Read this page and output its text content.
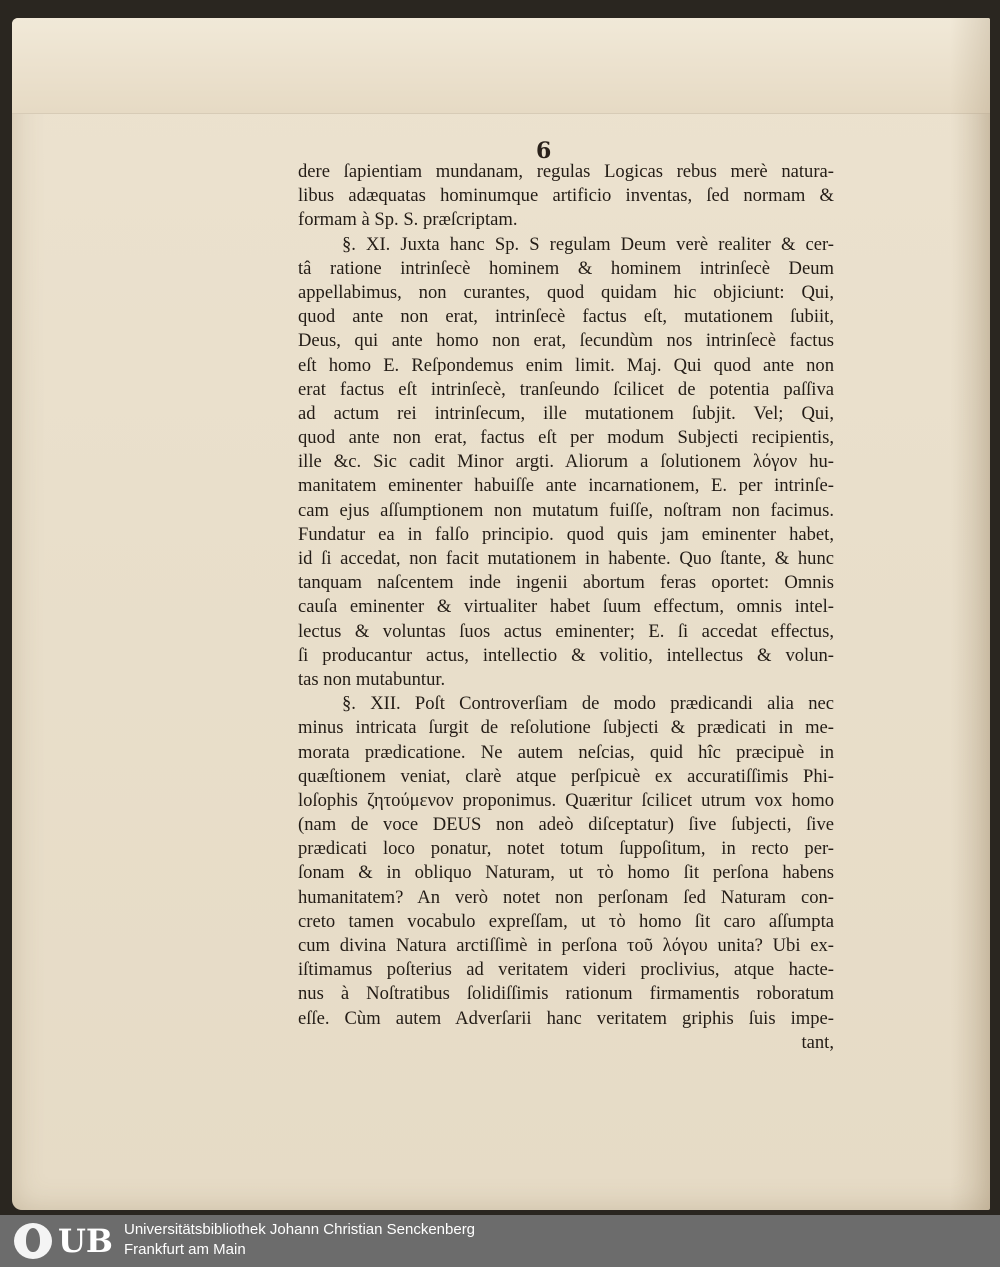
6
dere ſapientiam mundanam, regulas Logicas rebus merè natura-
libus adæquatas hominumque artificio inventas, ſed normam &
formam à Sp. S. præſcriptam.
§. XI. Juxta hanc Sp. S regulam Deum verè realiter & cer-
tâ ratione intrinſecè hominem & hominem intrinſecè Deum
appellabimus, non curantes, quod quidam hic objiciunt: Qui,
quod ante non erat, intrinſecè factus eſt, mutationem ſubiit,
Deus, qui ante homo non erat, ſecundùm nos intrinſecè factus
eſt homo E. Reſpondemus enim limit. Maj. Qui quod ante non
erat factus eſt intrinſecè, tranſeundo ſcilicet de potentia paſſiva
ad actum rei intrinſecum, ille mutationem ſubjit. Vel; Qui,
quod ante non erat, factus eſt per modum Subjecti recipientis,
ille &c. Sic cadit Minor argti. Aliorum a ſolutionem λόγον hu-
manitatem eminenter habuiſſe ante incarnationem, E. per intrinſe-
cam ejus aſſumptionem non mutatum fuiſſe, noſtram non facimus.
Fundatur ea in falſo principio. quod quis jam eminenter habet,
id ſi accedat, non facit mutationem in habente. Quo ſtante, & hunc
tanquam naſcentem inde ingenii abortum feras oportet: Omnis
cauſa eminenter & virtualiter habet ſuum effectum, omnis intel-
lectus & voluntas ſuos actus eminenter; E. ſi accedat effectus,
ſi producantur actus, intellectio & volitio, intellectus & volun-
tas non mutabuntur.
§. XII. Poſt Controverſiam de modo prædicandi alia nec
minus intricata ſurgit de reſolutione ſubjecti & prædicati in me-
morata prædicatione. Ne autem neſcias, quid hîc præcipuè in
quæſtionem veniat, clarè atque perſpicuè ex accuratiſſimis Phi-
loſophis ζητούμενον proponimus. Quæritur ſcilicet utrum vox homo
(nam de voce DEUS non adeò diſceptatur) ſive ſubjecti, ſive
prædicati loco ponatur, notet totum ſuppoſitum, in recto per-
ſonam & in obliquo Naturam, ut τὸ homo ſit perſona habens
humanitatem? An verò notet non perſonam ſed Naturam con-
creto tamen vocabulo expreſſam, ut τὸ homo ſit caro aſſumpta
cum divina Natura arctiſſimè in perſona τοῦ λόγου unita? Ubi ex-
iſtimamus poſterius ad veritatem videri proclivius, atque hacte-
nus à Noſtratibus ſolidiſſimis rationum firmamentis roboratum
eſſe. Cùm autem Adverſarii hanc veritatem griphis ſuis impe-
tant,
UB Universitätsbibliothek Johann Christian Senckenberg
Frankfurt am Main
